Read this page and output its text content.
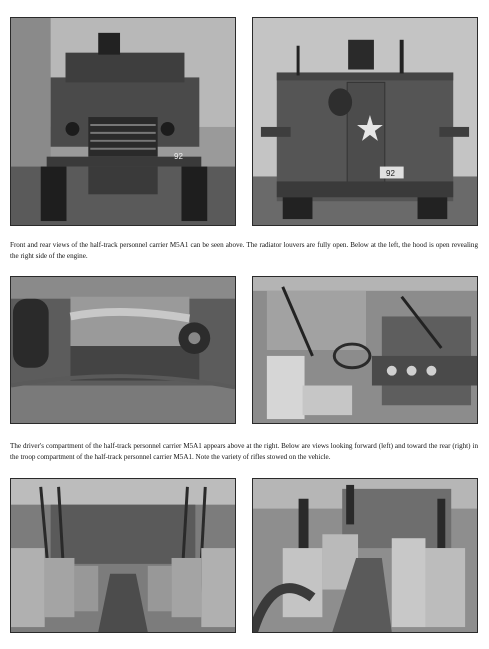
92
92

Front and rear views of the half-track personnel carrier M5A1 can be seen above. The radiator louvers are fully open. Below at the left, the hood is open revealing the right side of the engine.

The driver's compartment of the half-track personnel carrier M5A1 appears above at the right. Below are views looking forward (left) and toward the rear (right) in the troop compartment of the half-track personnel carrier M5A1. Note the variety of rifles stowed on the vehicle.
